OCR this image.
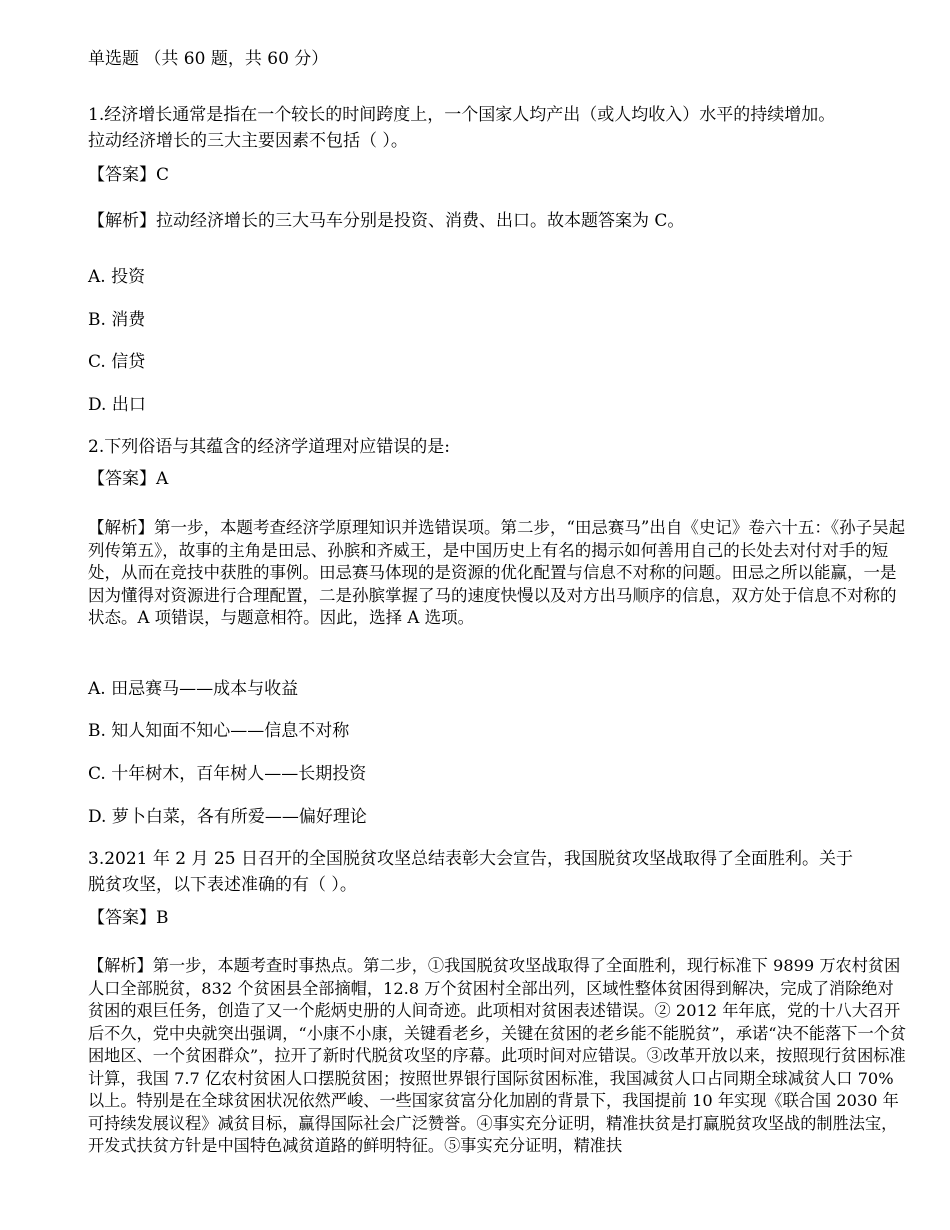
单选题 （共 60 题，共 60 分）
1.经济增长通常是指在一个较长的时间跨度上，一个国家人均产出（或人均收入）水平的持续增加。
拉动经济增长的三大主要因素不包括（ ）。
【答案】C
【解析】拉动经济增长的三大马车分别是投资、消费、出口。故本题答案为 C。
A. 投资
B. 消费
C. 信贷
D. 出口
2.下列俗语与其蕴含的经济学道理对应错误的是:
【答案】A
【解析】第一步，本题考查经济学原理知识并选错误项。第二步，“田忌赛马”出自《史记》卷六十五：《孙子吴起列传第五》，故事的主角是田忌、孙膑和齐威王，是中国历史上有名的揭示如何善用自己的长处去对付对手的短处，从而在竞技中获胜的事例。田忌赛马体现的是资源的优化配置与信息不对称的问题。田忌之所以能赢，一是因为懂得对资源进行合理配置，二是孙膑掌握了马的速度快慢以及对方出马顺序的信息，双方处于信息不对称的状态。A 项错误，与题意相符。因此，选择 A 选项。
A. 田忌赛马——成本与收益
B. 知人知面不知心——信息不对称
C. 十年树木，百年树人——长期投资
D. 萝卜白菜，各有所爱——偏好理论
3.2021 年 2 月 25 日召开的全国脱贫攻坚总结表彰大会宣告，我国脱贫攻坚战取得了全面胜利。关于
脱贫攻坚，以下表述准确的有（ ）。
【答案】B
【解析】第一步，本题考查时事热点。第二步，①我国脱贫攻坚战取得了全面胜利，现行标准下 9899 万农村贫困人口全部脱贫，832 个贫困县全部摘帽，12.8 万个贫困村全部出列，区域性整体贫困得到解决，完成了消除绝对贫困的艰巨任务，创造了又一个彪炳史册的人间奇迹。此项相对贫困表述错误。② 2012 年年底，党的十八大召开后不久，党中央就突出强调，“小康不小康，关键看老乡，关键在贫困的老乡能不能脱贫”，承诺“决不能落下一个贫困地区、一个贫困群众”，拉开了新时代脱贫攻坚的序幕。此项时间对应错误。③改革开放以来，按照现行贫困标准计算，我国 7.7 亿农村贫困人口摆脱贫困；按照世界银行国际贫困标准，我国减贫人口占同期全球减贫人口 70%以上。特别是在全球贫困状况依然严峻、一些国家贫富分化加剧的背景下，我国提前 10 年实现《联合国 2030 年可持续发展议程》减贫目标，赢得国际社会广泛赞誉。④事实充分证明，精准扶贫是打赢脱贫攻坚战的制胜法宝，开发式扶贫方针是中国特色减贫道路的鲜明特征。⑤事实充分证明，精准扶
